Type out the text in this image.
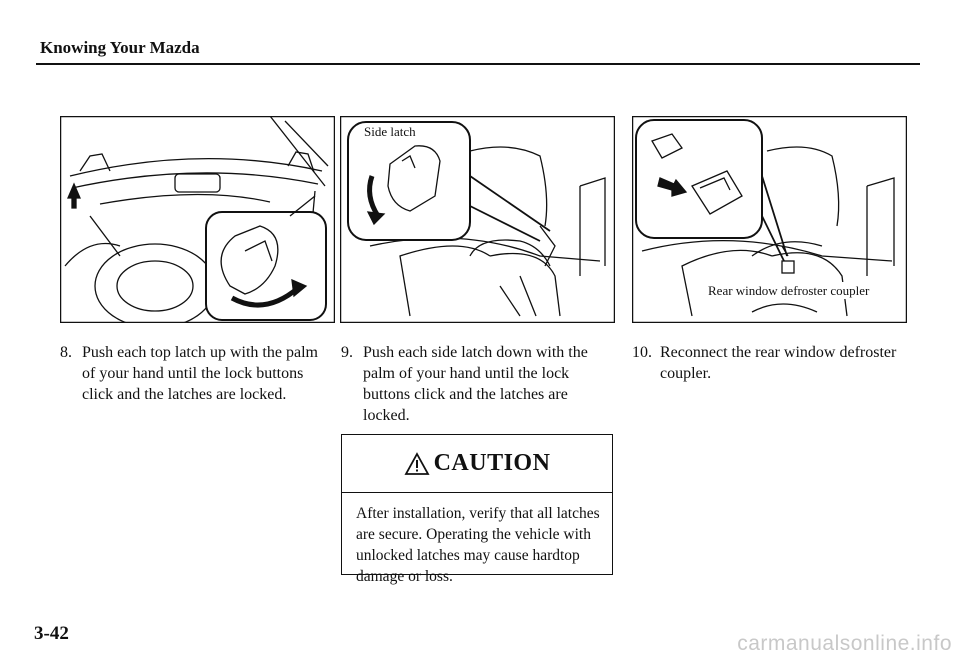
Knowing Your Mazda
Side latch
Rear window defroster coupler
8. Push each top latch up with the palm of your hand until the lock buttons click and the latches are locked.
9. Push each side latch down with the palm of your hand until the lock buttons click and the latches are locked.
10. Reconnect the rear window defroster coupler.
CAUTION
After installation, verify that all latches are secure. Operating the vehicle with unlocked latches may cause hardtop damage or loss.
3-42	carmanualsonline.info
